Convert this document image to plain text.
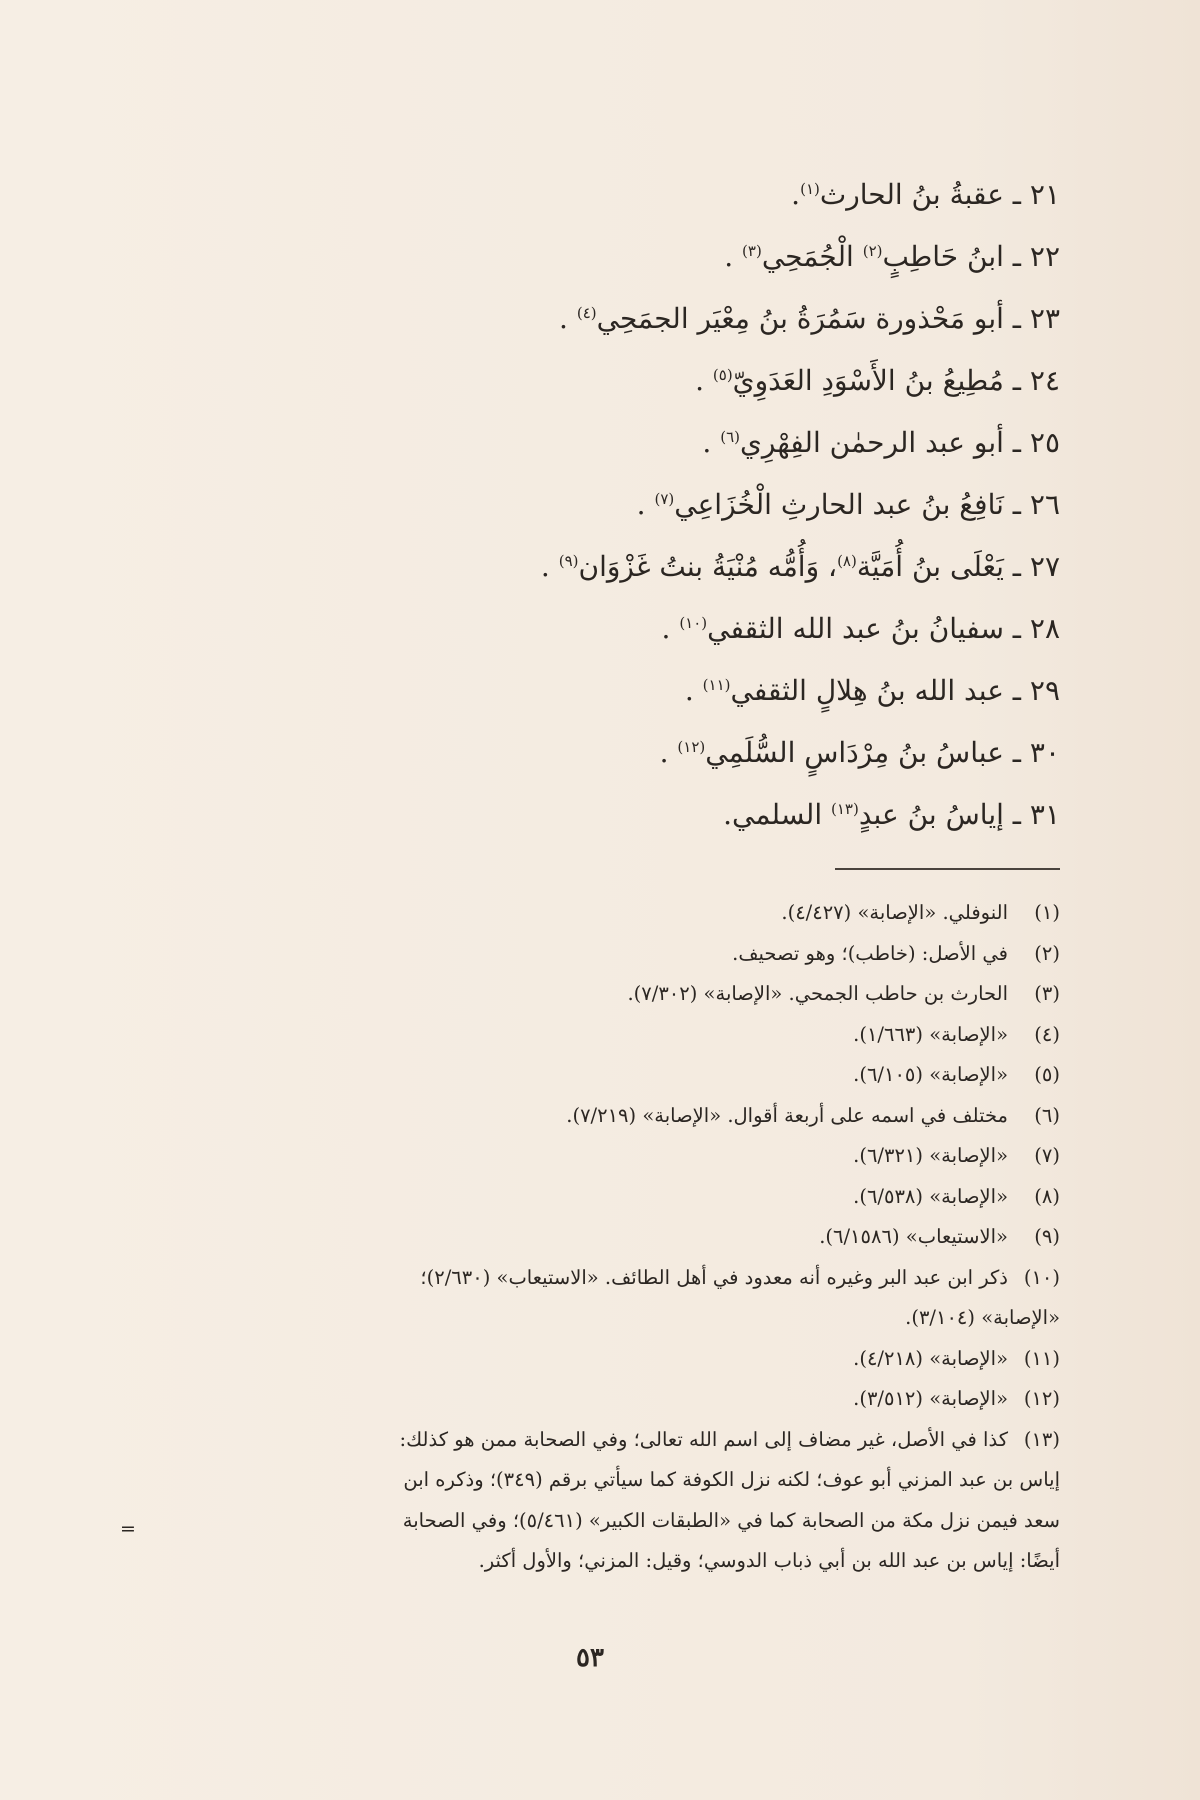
٢١ ـ عقبةُ بنُ الحارث$^{(١)}$.
٢٢ ـ ابنُ حَاطِبٍ$^{(٢)}$ الْجُمَحِي$^{(٣)}$ .
٢٣ ـ أبو مَحْذورة سَمُرَةُ بنُ مِعْيَر الجمَحِي$^{(٤)}$ .
٢٤ ـ مُطِيعُ بنُ الأَسْوَدِ العَدَوِيّ$^{(٥)}$ .
٢٥ ـ أبو عبد الرحمٰن الفِهْرِي$^{(٦)}$ .
٢٦ ـ نَافِعُ بنُ عبد الحارثِ الْخُزَاعِي$^{(٧)}$ .
٢٧ ـ يَعْلَى بنُ أُمَيَّة$^{(٨)}$، وَأُمُّه مُنْيَةُ بنتُ غَزْوَان$^{(٩)}$ .
٢٨ ـ سفيانُ بنُ عبد الله الثقفي$^{(١٠)}$ .
٢٩ ـ عبد الله بنُ هِلالٍ الثقفي$^{(١١)}$ .
٣٠ ـ عباسُ بنُ مِرْدَاسٍ السُّلَمِي$^{(١٢)}$ .
٣١ ـ إياسُ بنُ عبدٍ$^{(١٣)}$ السلمي.
(١)
النوفلي. «الإصابة» (٤/٤٢٧).
(٢)
في الأصل: (خاطب)؛ وهو تصحيف.
(٣)
الحارث بن حاطب الجمحي. «الإصابة» (٧/٣٠٢).
(٤)
«الإصابة» (١/٦٦٣).
(٥)
«الإصابة» (٦/١٠٥).
(٦)
مختلف في اسمه على أربعة أقوال. «الإصابة» (٧/٢١٩).
(٧)
«الإصابة» (٦/٣٢١).
(٨)
«الإصابة» (٦/٥٣٨).
(٩)
«الاستيعاب» (٦/١٥٨٦).
(١٠)
ذكر ابن عبد البر وغيره أنه معدود في أهل الطائف. «الاستيعاب» (٢/٦٣٠)؛
«الإصابة» (٣/١٠٤).
(١١)
«الإصابة» (٤/٢١٨).
(١٢)
«الإصابة» (٣/٥١٢).
(١٣)
كذا في الأصل، غير مضاف إلى اسم الله تعالى؛ وفي الصحابة ممن هو كذلك:
إياس بن عبد المزني أبو عوف؛ لكنه نزل الكوفة كما سيأتي برقم (٣٤٩)؛ وذكره ابن
سعد فيمن نزل مكة من الصحابة كما في «الطبقات الكبير» (٥/٤٦١)؛ وفي الصحابة
أيضًا: إياس بن عبد الله بن أبي ذباب الدوسي؛ وقيل: المزني؛ والأول أكثر.
=
٥٣
